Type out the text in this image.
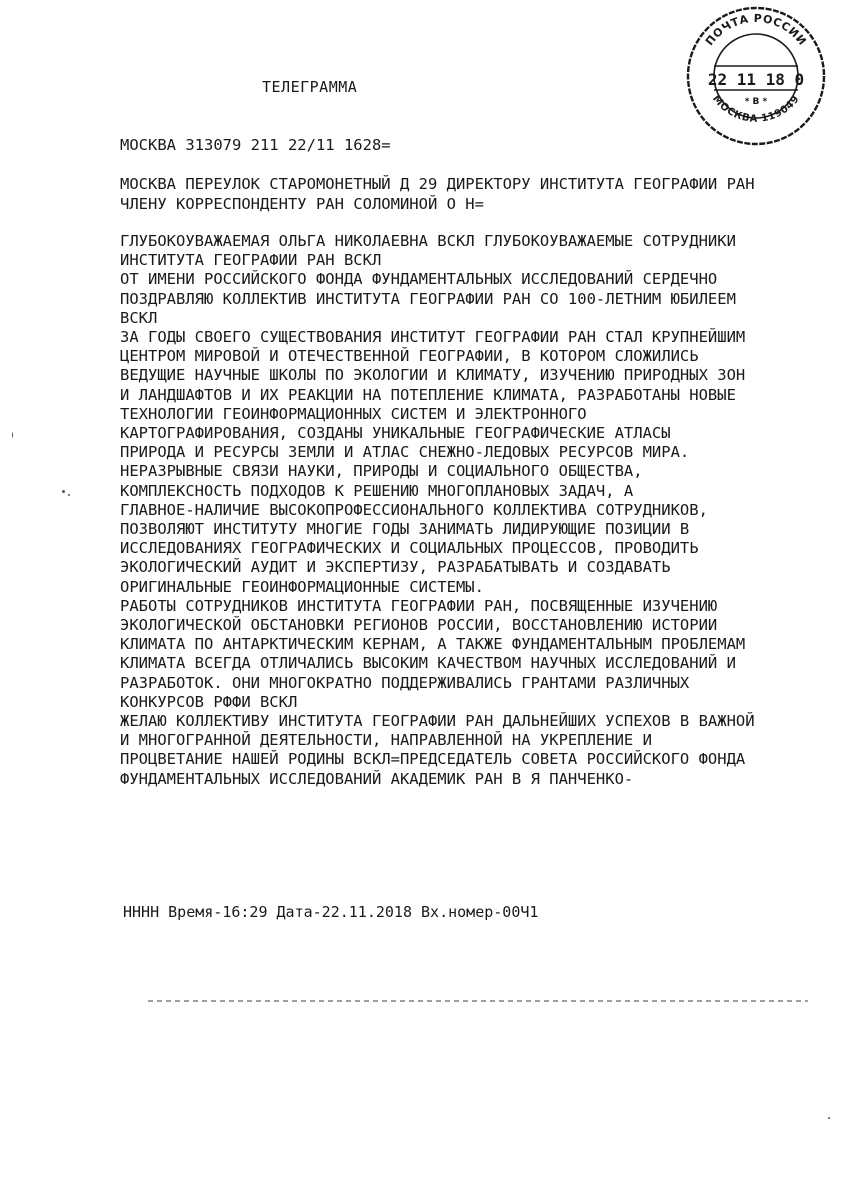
ТЕЛЕГРАММА
МОСКВА 313079 211 22/11 1628=
МОСКВА ПЕРЕУЛОК СТАРОМОНЕТНЫЙ Д 29 ДИРЕКТОРУ ИНСТИТУТА ГЕОГРАФИИ РАН
ЧЛЕНУ КОРРЕСПОНДЕНТУ РАН СОЛОМИНОЙ О Н=
ГЛУБОКОУВАЖАЕМАЯ ОЛЬГА НИКОЛАЕВНА ВСКЛ ГЛУБОКОУВАЖАЕМЫЕ СОТРУДНИКИ
ИНСТИТУТА ГЕОГРАФИИ РАН ВСКЛ
ОТ ИМЕНИ РОССИЙСКОГО ФОНДА ФУНДАМЕНТАЛЬНЫХ ИССЛЕДОВАНИЙ СЕРДЕЧНО
ПОЗДРАВЛЯЮ КОЛЛЕКТИВ ИНСТИТУТА ГЕОГРАФИИ РАН СО 100-ЛЕТНИМ ЮБИЛЕЕМ
ВСКЛ
ЗА ГОДЫ СВОЕГО СУЩЕСТВОВАНИЯ ИНСТИТУТ ГЕОГРАФИИ РАН СТАЛ КРУПНЕЙШИМ
ЦЕНТРОМ МИРОВОЙ И ОТЕЧЕСТВЕННОЙ ГЕОГРАФИИ, В КОТОРОМ СЛОЖИЛИСЬ
ВЕДУЩИЕ НАУЧНЫЕ ШКОЛЫ ПО ЭКОЛОГИИ И КЛИМАТУ, ИЗУЧЕНИЮ ПРИРОДНЫХ ЗОН
И ЛАНДШАФТОВ И ИХ РЕАКЦИИ НА ПОТЕПЛЕНИЕ КЛИМАТА, РАЗРАБОТАНЫ НОВЫЕ
ТЕХНОЛОГИИ ГЕОИНФОРМАЦИОННЫХ СИСТЕМ И ЭЛЕКТРОННОГО
КАРТОГРАФИРОВАНИЯ, СОЗДАНЫ УНИКАЛЬНЫЕ ГЕОГРАФИЧЕСКИЕ АТЛАСЫ
ПРИРОДА И РЕСУРСЫ ЗЕМЛИ И АТЛАС СНЕЖНО-ЛЕДОВЫХ РЕСУРСОВ МИРА.
НЕРАЗРЫВНЫЕ СВЯЗИ НАУКИ, ПРИРОДЫ И СОЦИАЛЬНОГО ОБЩЕСТВА,
КОМПЛЕКСНОСТЬ ПОДХОДОВ К РЕШЕНИЮ МНОГОПЛАНОВЫХ ЗАДАЧ, А
ГЛАВНОЕ-НАЛИЧИЕ ВЫСОКОПРОФЕССИОНАЛЬНОГО КОЛЛЕКТИВА СОТРУДНИКОВ,
ПОЗВОЛЯЮТ ИНСТИТУТУ МНОГИЕ ГОДЫ ЗАНИМАТЬ ЛИДИРУЮЩИЕ ПОЗИЦИИ В
ИССЛЕДОВАНИЯХ ГЕОГРАФИЧЕСКИХ И СОЦИАЛЬНЫХ ПРОЦЕССОВ, ПРОВОДИТЬ
ЭКОЛОГИЧЕСКИЙ АУДИТ И ЭКСПЕРТИЗУ, РАЗРАБАТЫВАТЬ И СОЗДАВАТЬ
ОРИГИНАЛЬНЫЕ ГЕОИНФОРМАЦИОННЫЕ СИСТЕМЫ.
РАБОТЫ СОТРУДНИКОВ ИНСТИТУТА ГЕОГРАФИИ РАН, ПОСВЯЩЕННЫЕ ИЗУЧЕНИЮ
ЭКОЛОГИЧЕСКОЙ ОБСТАНОВКИ РЕГИОНОВ РОССИИ, ВОССТАНОВЛЕНИЮ ИСТОРИИ
КЛИМАТА ПО АНТАРКТИЧЕСКИМ КЕРНАМ, А ТАКЖЕ ФУНДАМЕНТАЛЬНЫМ ПРОБЛЕМАМ
КЛИМАТА ВСЕГДА ОТЛИЧАЛИСЬ ВЫСОКИМ КАЧЕСТВОМ НАУЧНЫХ ИССЛЕДОВАНИЙ И
РАЗРАБОТОК. ОНИ МНОГОКРАТНО ПОДДЕРЖИВАЛИСЬ ГРАНТАМИ РАЗЛИЧНЫХ
КОНКУРСОВ РФФИ ВСКЛ
ЖЕЛАЮ КОЛЛЕКТИВУ ИНСТИТУТА ГЕОГРАФИИ РАН ДАЛЬНЕЙШИХ УСПЕХОВ В ВАЖНОЙ
И МНОГОГРАННОЙ ДЕЯТЕЛЬНОСТИ, НАПРАВЛЕННОЙ НА УКРЕПЛЕНИЕ И
ПРОЦВЕТАНИЕ НАШЕЙ РОДИНЫ ВСКЛ=ПРЕДСЕДАТЕЛЬ СОВЕТА РОССИЙСКОГО ФОНДА
ФУНДАМЕНТАЛЬНЫХ ИССЛЕДОВАНИЙ АКАДЕМИК РАН В Я ПАНЧЕНКО-
НННН Время-16:29 Дата-22.11.2018 Вх.номер-00Ч1
ПОЧТА РОССИИ
МОСКВА 119049
22 11 18 0
* В *
